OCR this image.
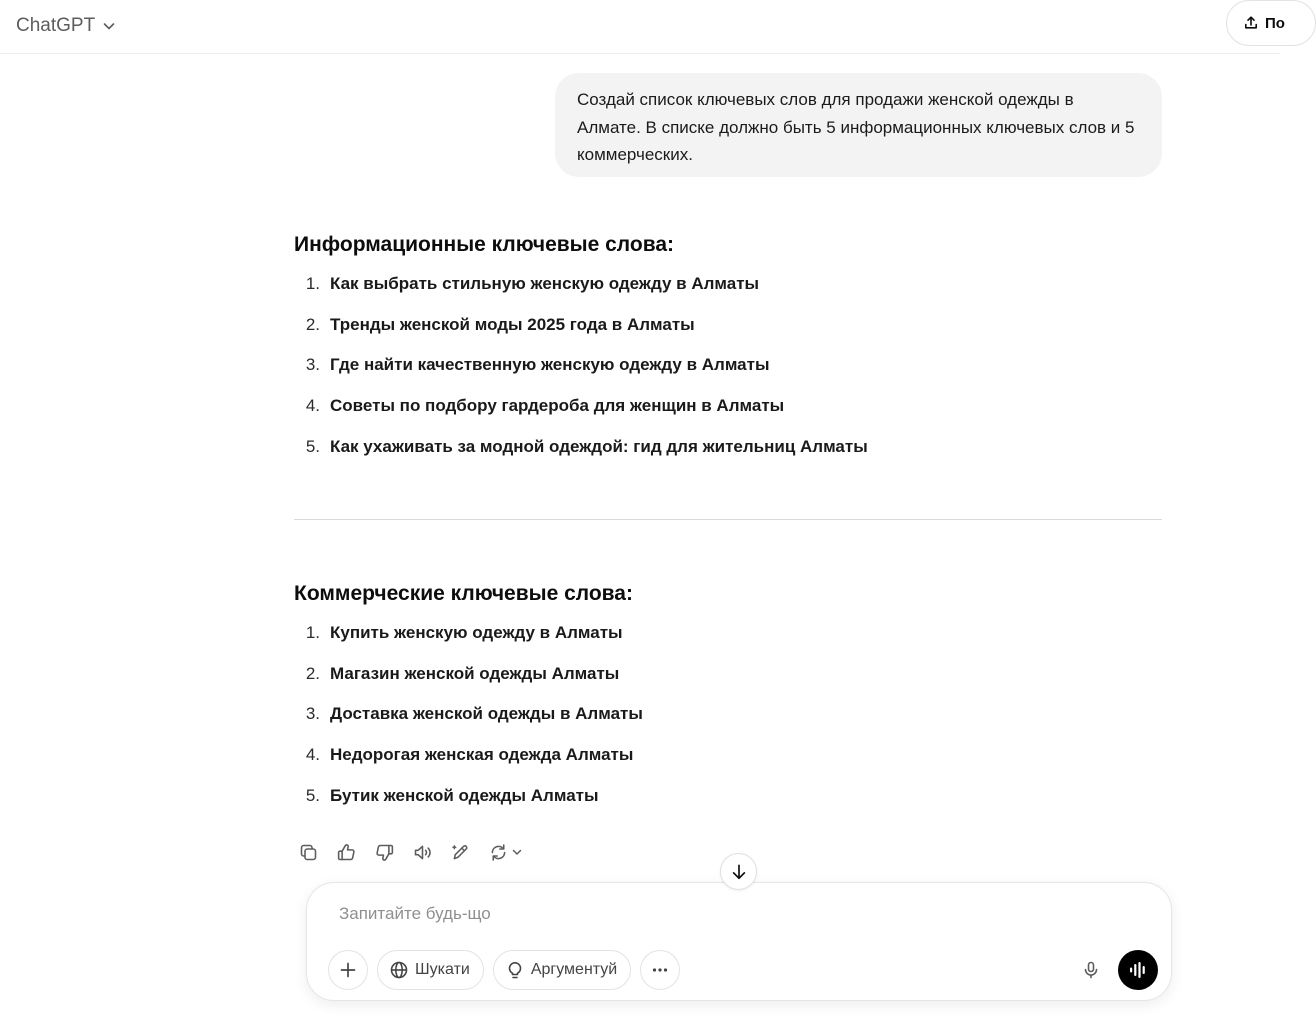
ChatGPT	По
Создай список ключевых слов для продажи женской одежды в Алмате. В списке должно быть 5 информационных ключевых слов и 5 коммерческих.
Информационные ключевые слова:
1. Как выбрать стильную женскую одежду в Алматы
2. Тренды женской моды 2025 года в Алматы
3. Где найти качественную женскую одежду в Алматы
4. Советы по подбору гардероба для женщин в Алматы
5. Как ухаживать за модной одеждой: гид для жительниц Алматы
Коммерческие ключевые слова:
1. Купить женскую одежду в Алматы
2. Магазин женской одежды Алматы
3. Доставка женской одежды в Алматы
4. Недорогая женская одежда Алматы
5. Бутик женской одежды Алматы
Запитайте будь-що
Шукати	Аргументуй
